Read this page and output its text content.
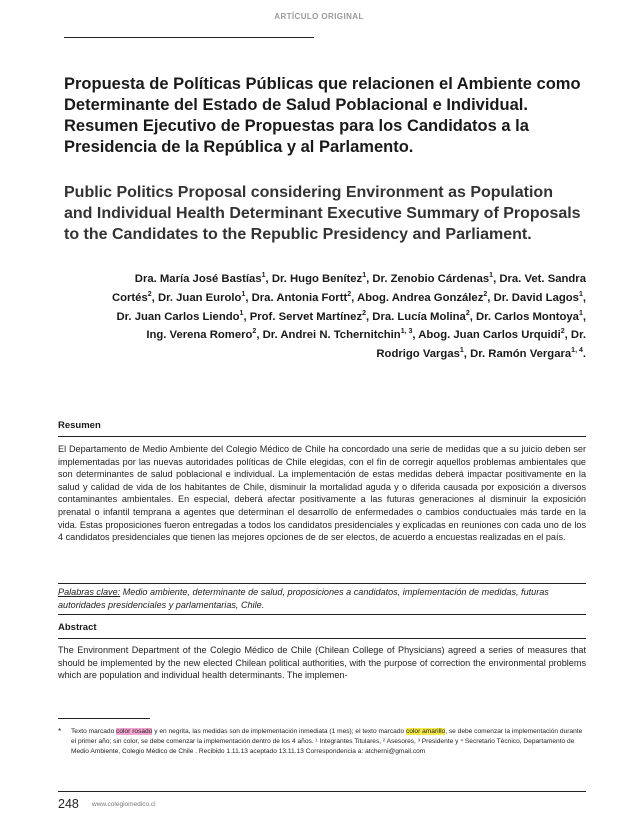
ARTÍCULO ORIGINAL
Propuesta de Políticas Públicas que relacionen el Ambiente como Determinante del Estado de Salud Poblacional e Individual. Resumen Ejecutivo de Propuestas para los Candidatos a la Presidencia de la República y al Parlamento.
Public Politics Proposal considering Environment as Population and Individual Health Determinant Executive Summary of Proposals to the Candidates to the Republic Presidency and Parliament.

Dra. María José Bastías$^1$, Dr. Hugo Benítez$^1$, Dr. Zenobio Cárdenas$^1$, Dra. Vet. Sandra Cortés$^2$, Dr. Juan Eurolo$^1$, Dra. Antonia Fortt$^2$, Abog. Andrea González$^2$, Dr. David Lagos$^1$, Dr. Juan Carlos Liendo$^1$, Prof. Servet Martínez$^2$, Dra. Lucía Molina$^2$, Dr. Carlos Montoya$^1$, Ing. Verena Romero$^2$, Dr. Andrei N. Tchernitchin$^{1, 3}$, Abog. Juan Carlos Urquidi$^2$, Dr. Rodrigo Vargas$^1$, Dr. Ramón Vergara$^{1, 4}$.

Resumen

El Departamento de Medio Ambiente del Colegio Médico de Chile ha concordado una serie de medidas que a su juicio deben ser implementadas por las nuevas autoridades políticas de Chile elegidas, con el fin de corregir aquellos problemas ambientales que son determinantes de salud poblacional e individual. La implementación de estas medidas deberá impactar positivamente en la salud y calidad de vida de los habitantes de Chile, disminuir la mortalidad aguda y o diferida causada por exposición a diversos contaminantes ambientales. En especial, deberá afectar positivamente a las futuras generaciones al disminuir la exposición prenatal o infantil temprana a agentes que determinan el desarrollo de enfermedades o cambios conductuales más tarde en la vida. Estas proposiciones fueron entregadas a todos los candidatos presidenciales y explicadas en reuniones con cada uno de los 4 candidatos presidenciales que tienen las mejores opciones de de ser electos, de acuerdo a encuestas realizadas en el país.

Palabras clave: Medio ambiente, determinante de salud, proposiciones a candidatos, implementación de medidas, futuras autoridades presidenciales y parlamentarias, Chile.

Abstract

The Environment Department of the Colegio Médico de Chile (Chilean College of Physicians) agreed a series of measures that should be implemented by the new elected Chilean political authorities, with the purpose of correction the environmental problems which are population and individual health determinants. The implemen-

* Texto marcado color rosado y en negrita, las medidas son de implementación inmediata (1 mes); el texto marcado color amarillo, se debe comenzar la implementación durante el primer año; sin color, se debe comenzar la implementación dentro de los 4 años. ¹ Integrantes Titulares, ² Asesores, ³ Presidente y ⁴ Secretario Técnico, Departamento de Medio Ambiente, Colegio Médico de Chile . Recibido 1.11.13 aceptado 13.11.13 Correspondencia a: atcherni@gmail.com
248 www.colegiomedico.cl
